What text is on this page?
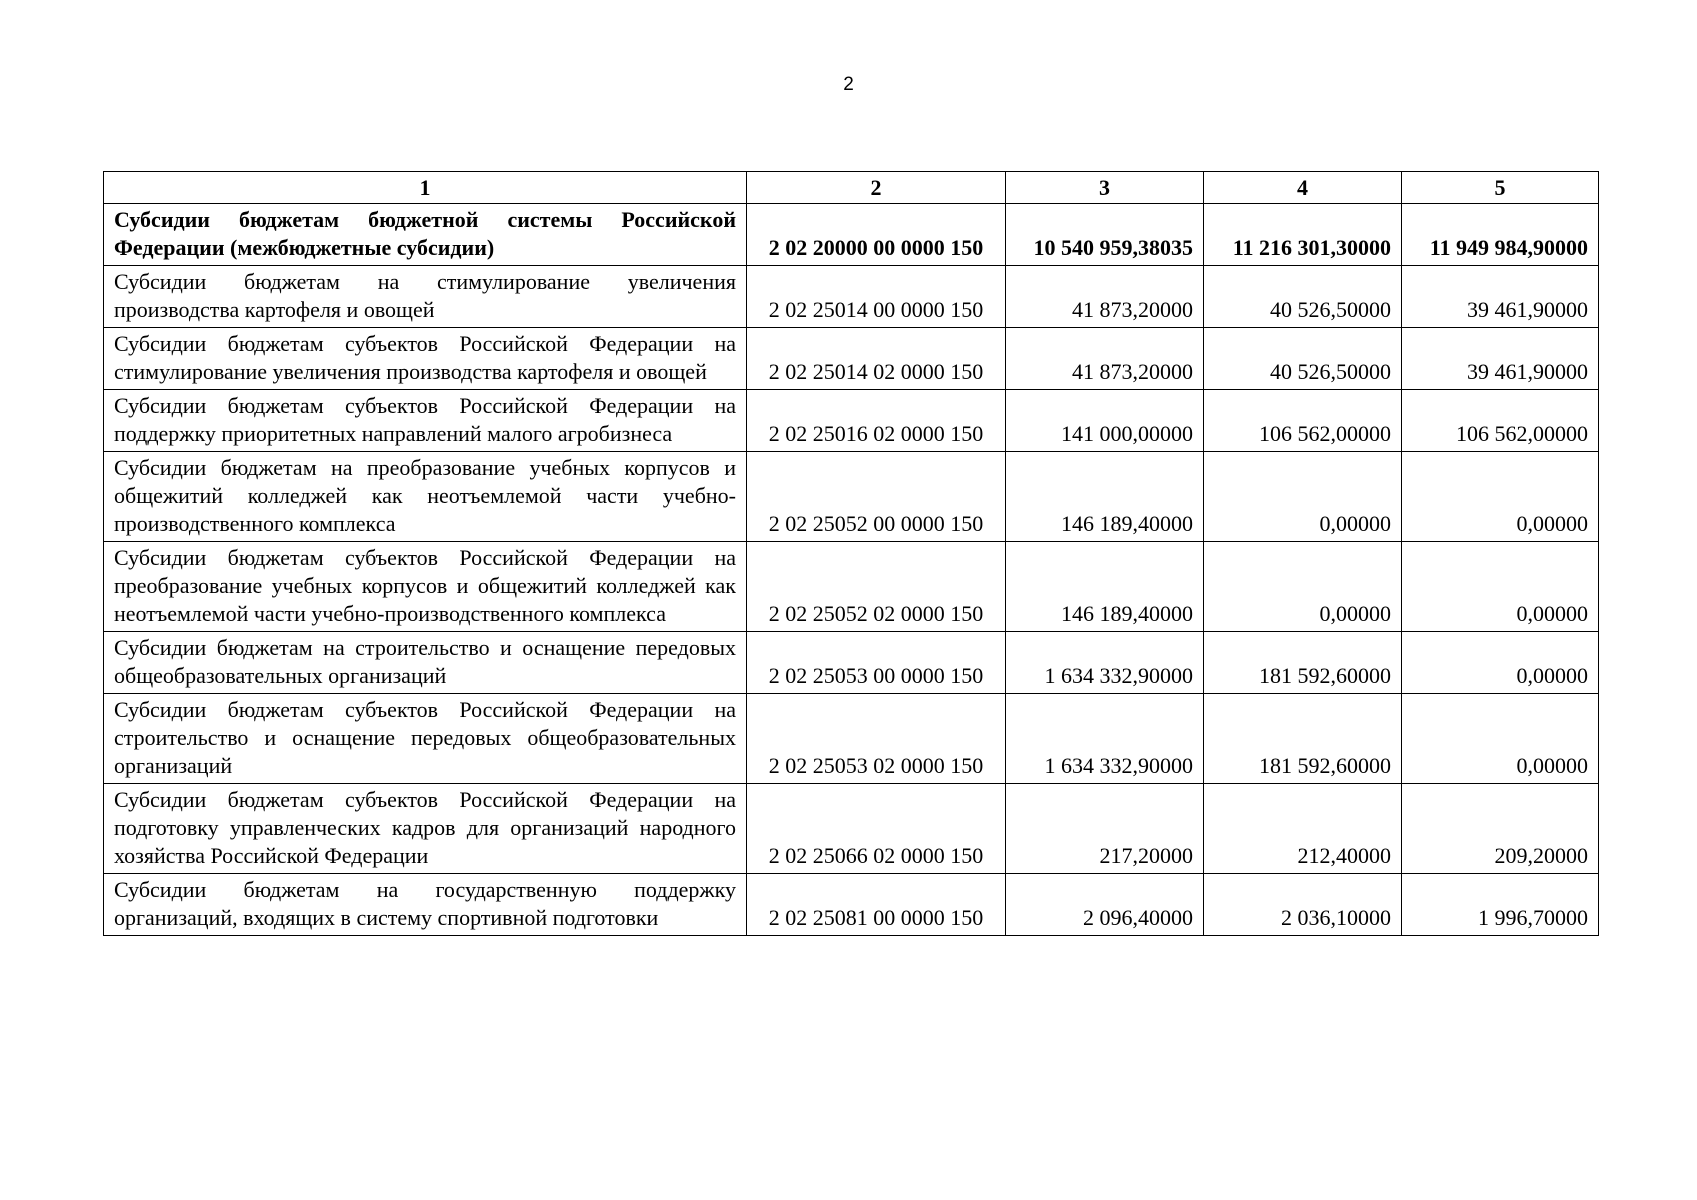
2
1	2	3	4	5
Субсидии бюджетам бюджетной системы Российской Федерации (межбюджетные субсидии)	2 02 20000 00 0000 150	10 540 959,38035	11 216 301,30000	11 949 984,90000
Субсидии бюджетам на стимулирование увеличения производства картофеля и овощей	2 02 25014 00 0000 150	41 873,20000	40 526,50000	39 461,90000
Субсидии бюджетам субъектов Российской Федерации на стимулирование увеличения производства картофеля и овощей	2 02 25014 02 0000 150	41 873,20000	40 526,50000	39 461,90000
Субсидии бюджетам субъектов Российской Федерации на поддержку приоритетных направлений малого агробизнеса	2 02 25016 02 0000 150	141 000,00000	106 562,00000	106 562,00000
Субсидии бюджетам на преобразование учебных корпусов и общежитий колледжей как неотъемлемой части учебно-производственного комплекса	2 02 25052 00 0000 150	146 189,40000	0,00000	0,00000
Субсидии бюджетам субъектов Российской Федерации на преобразование учебных корпусов и общежитий колледжей как неотъемлемой части учебно-производственного комплекса	2 02 25052 02 0000 150	146 189,40000	0,00000	0,00000
Субсидии бюджетам на строительство и оснащение передовых общеобразовательных организаций	2 02 25053 00 0000 150	1 634 332,90000	181 592,60000	0,00000
Субсидии бюджетам субъектов Российской Федерации на строительство и оснащение передовых общеобразовательных организаций	2 02 25053 02 0000 150	1 634 332,90000	181 592,60000	0,00000
Субсидии бюджетам субъектов Российской Федерации на подготовку управленческих кадров для организаций народного хозяйства Российской Федерации	2 02 25066 02 0000 150	217,20000	212,40000	209,20000
Субсидии бюджетам на государственную поддержку организаций, входящих в систему спортивной подготовки	2 02 25081 00 0000 150	2 096,40000	2 036,10000	1 996,70000
